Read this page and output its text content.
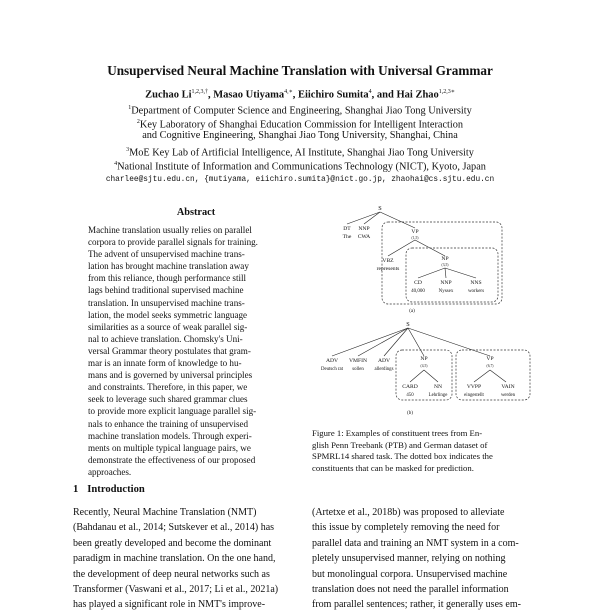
Unsupervised Neural Machine Translation with Universal Grammar
Zuchao $Li^{1,2,3,\dagger}$, Masao Utiyama$^{4,∗}$, Eiichiro Sumita$^4$, and Hai Zhao$^{1,2,3∗}$
$^1$Department of Computer Science and Engineering, Shanghai Jiao Tong University
$^2$Key Laboratory of Shanghai Education Commission for Intelligent Interaction
and Cognitive Engineering, Shanghai Jiao Tong University, Shanghai, China
$^3$MoE Key Lab of Artificial Intelligence, AI Institute, Shanghai Jiao Tong University
$^4$National Institute of Information and Communications Technology (NICT), Kyoto, Japan
charlee@sjtu.edu.cn, {mutiyama, eiichiro.sumita}@nict.go.jp, zhaohai@cs.sjtu.edu.cn
Abstract
Machine translation usually relies on parallel
corpora to provide parallel signals for training.
The advent of unsupervised machine trans-
lation has brought machine translation away
from this reliance, though performance still
lags behind traditional supervised machine
translation. In unsupervised machine trans-
lation, the model seeks symmetric language
similarities as a source of weak parallel sig-
nal to achieve translation. Chomsky's Uni-
versal Grammar theory postulates that gram-
mar is an innate form of knowledge to hu-
mans and is governed by universal principles
and constraints. Therefore, in this paper, we
seek to leverage such shared grammar clues
to provide more explicit language parallel sig-
nals to enhance the training of unsupervised
machine translation models. Through experi-
ments on multiple typical language pairs, we
demonstrate the effectiveness of our proposed
approaches.
1 Introduction
Recently, Neural Machine Translation (NMT)
(Bahdanau et al., 2014; Sutskever et al., 2014) has
been greatly developed and become the dominant
paradigm in machine translation. On the one hand,
the development of deep neural networks such as
Transformer (Vaswani et al., 2017; Li et al., 2021a)
has played a significant role in NMT's improve-
(Artetxe et al., 2018b) was proposed to alleviate
this issue by completely removing the need for
parallel data and training an NMT system in a com-
pletely unsupervised manner, relying on nothing
but monolingual corpora. Unsupervised machine
translation does not need the parallel information
from parallel sentences; rather, it generally uses em-
S
DT
The
NNP
CWA
VP
(1,5)
VBZ
represents
NP
(3,5)
CD
40,000
NNP
Nyssex
NNS
workers
(a)
S
ADV
Deutsch rat
VMFIN
sollen
ADV
allerdings
NP
(4,5)
CARD
450
NN
Lehrlinge
VP
(6,7)
VVPP
eingestellt
VAIN
werden
(b)
Figure 1: Examples of constituent trees from En-
glish Penn Treebank (PTB) and German dataset of
SPMRL14 shared task. The dotted box indicates the
constituents that can be masked for prediction.
